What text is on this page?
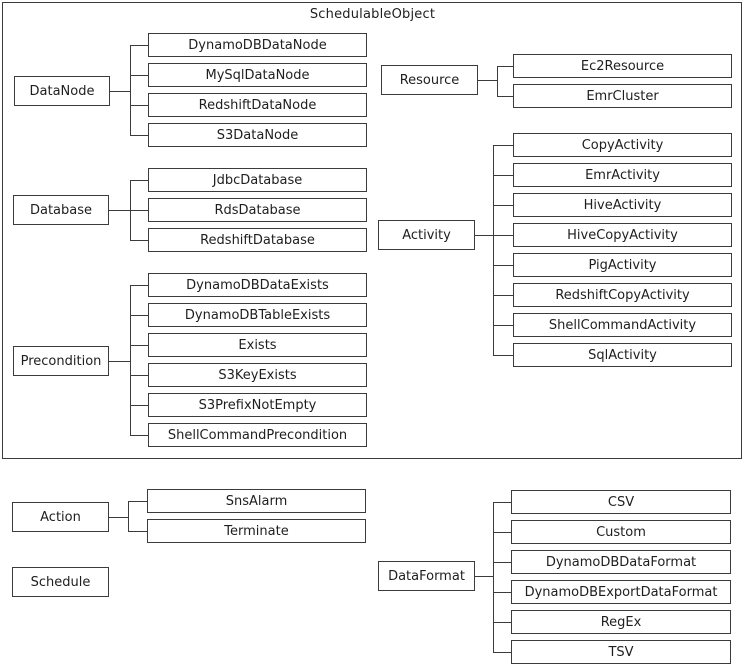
SchedulableObject
DataNode
DynamoDBDataNode
MySqlDataNode
RedshiftDataNode
S3DataNode
Database
JdbcDatabase
RdsDatabase
RedshiftDatabase
Precondition
DynamoDBDataExists
DynamoDBTableExists
Exists
S3KeyExists
S3PrefixNotEmpty
ShellCommandPrecondition
Resource
Ec2Resource
EmrCluster
Activity
CopyActivity
EmrActivity
HiveActivity
HiveCopyActivity
PigActivity
RedshiftCopyActivity
ShellCommandActivity
SqlActivity
Action
SnsAlarm
Terminate
Schedule	DataFormat
CSV
Custom
DynamoDBDataFormat
DynamoDBExportDataFormat
RegEx
TSV
